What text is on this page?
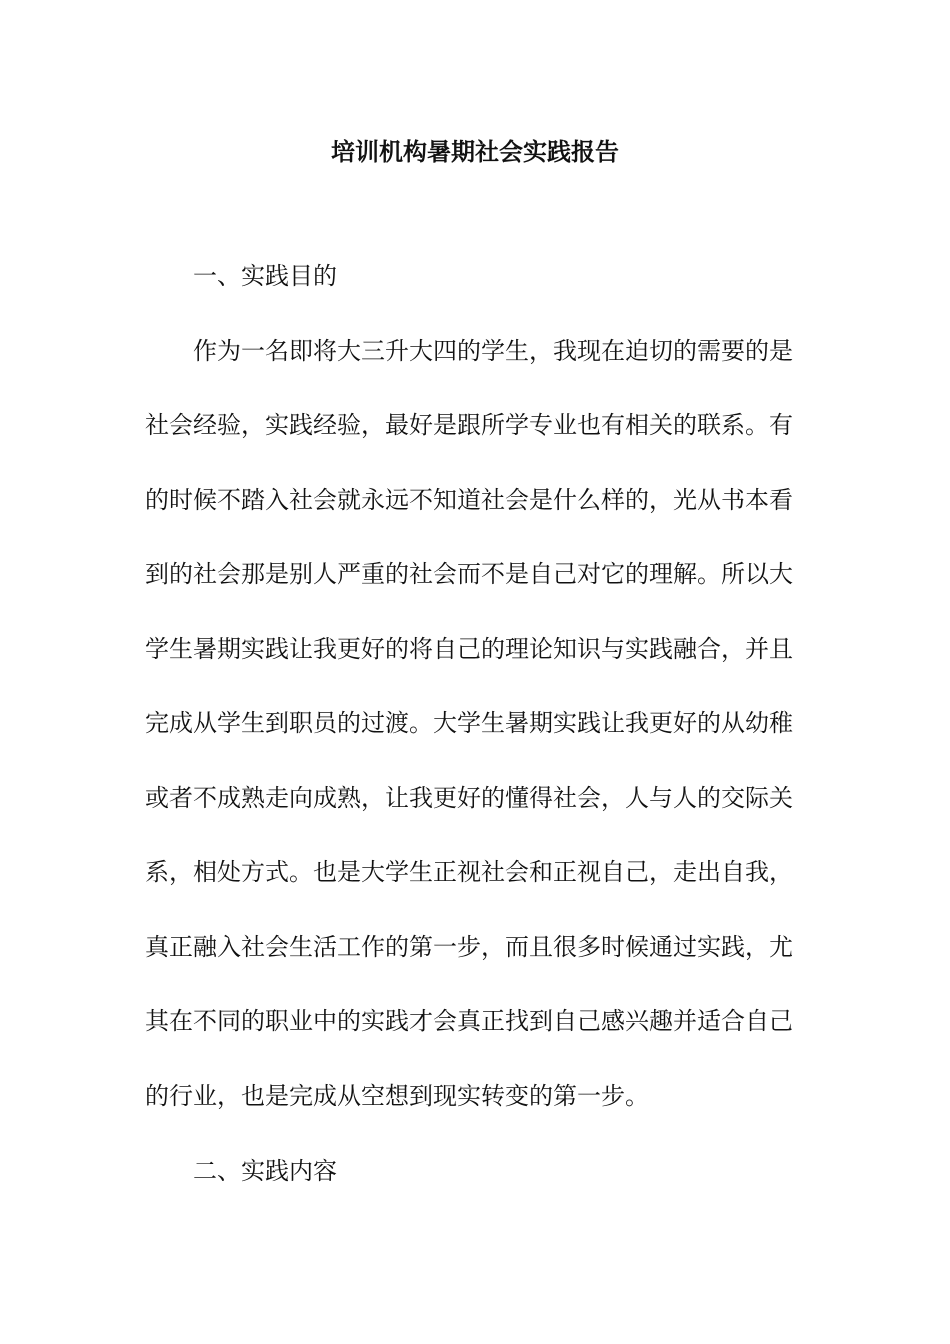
培训机构暑期社会实践报告

一、实践目的

作为一名即将大三升大四的学生，我现在迫切的需要的是

社会经验，实践经验，最好是跟所学专业也有相关的联系。有

的时候不踏入社会就永远不知道社会是什么样的，光从书本看

到的社会那是别人严重的社会而不是自己对它的理解。所以大

学生暑期实践让我更好的将自己的理论知识与实践融合，并且

完成从学生到职员的过渡。大学生暑期实践让我更好的从幼稚

或者不成熟走向成熟，让我更好的懂得社会，人与人的交际关

系，相处方式。也是大学生正视社会和正视自己，走出自我，

真正融入社会生活工作的第一步，而且很多时候通过实践，尤

其在不同的职业中的实践才会真正找到自己感兴趣并适合自己

的行业，也是完成从空想到现实转变的第一步。

二、实践内容
